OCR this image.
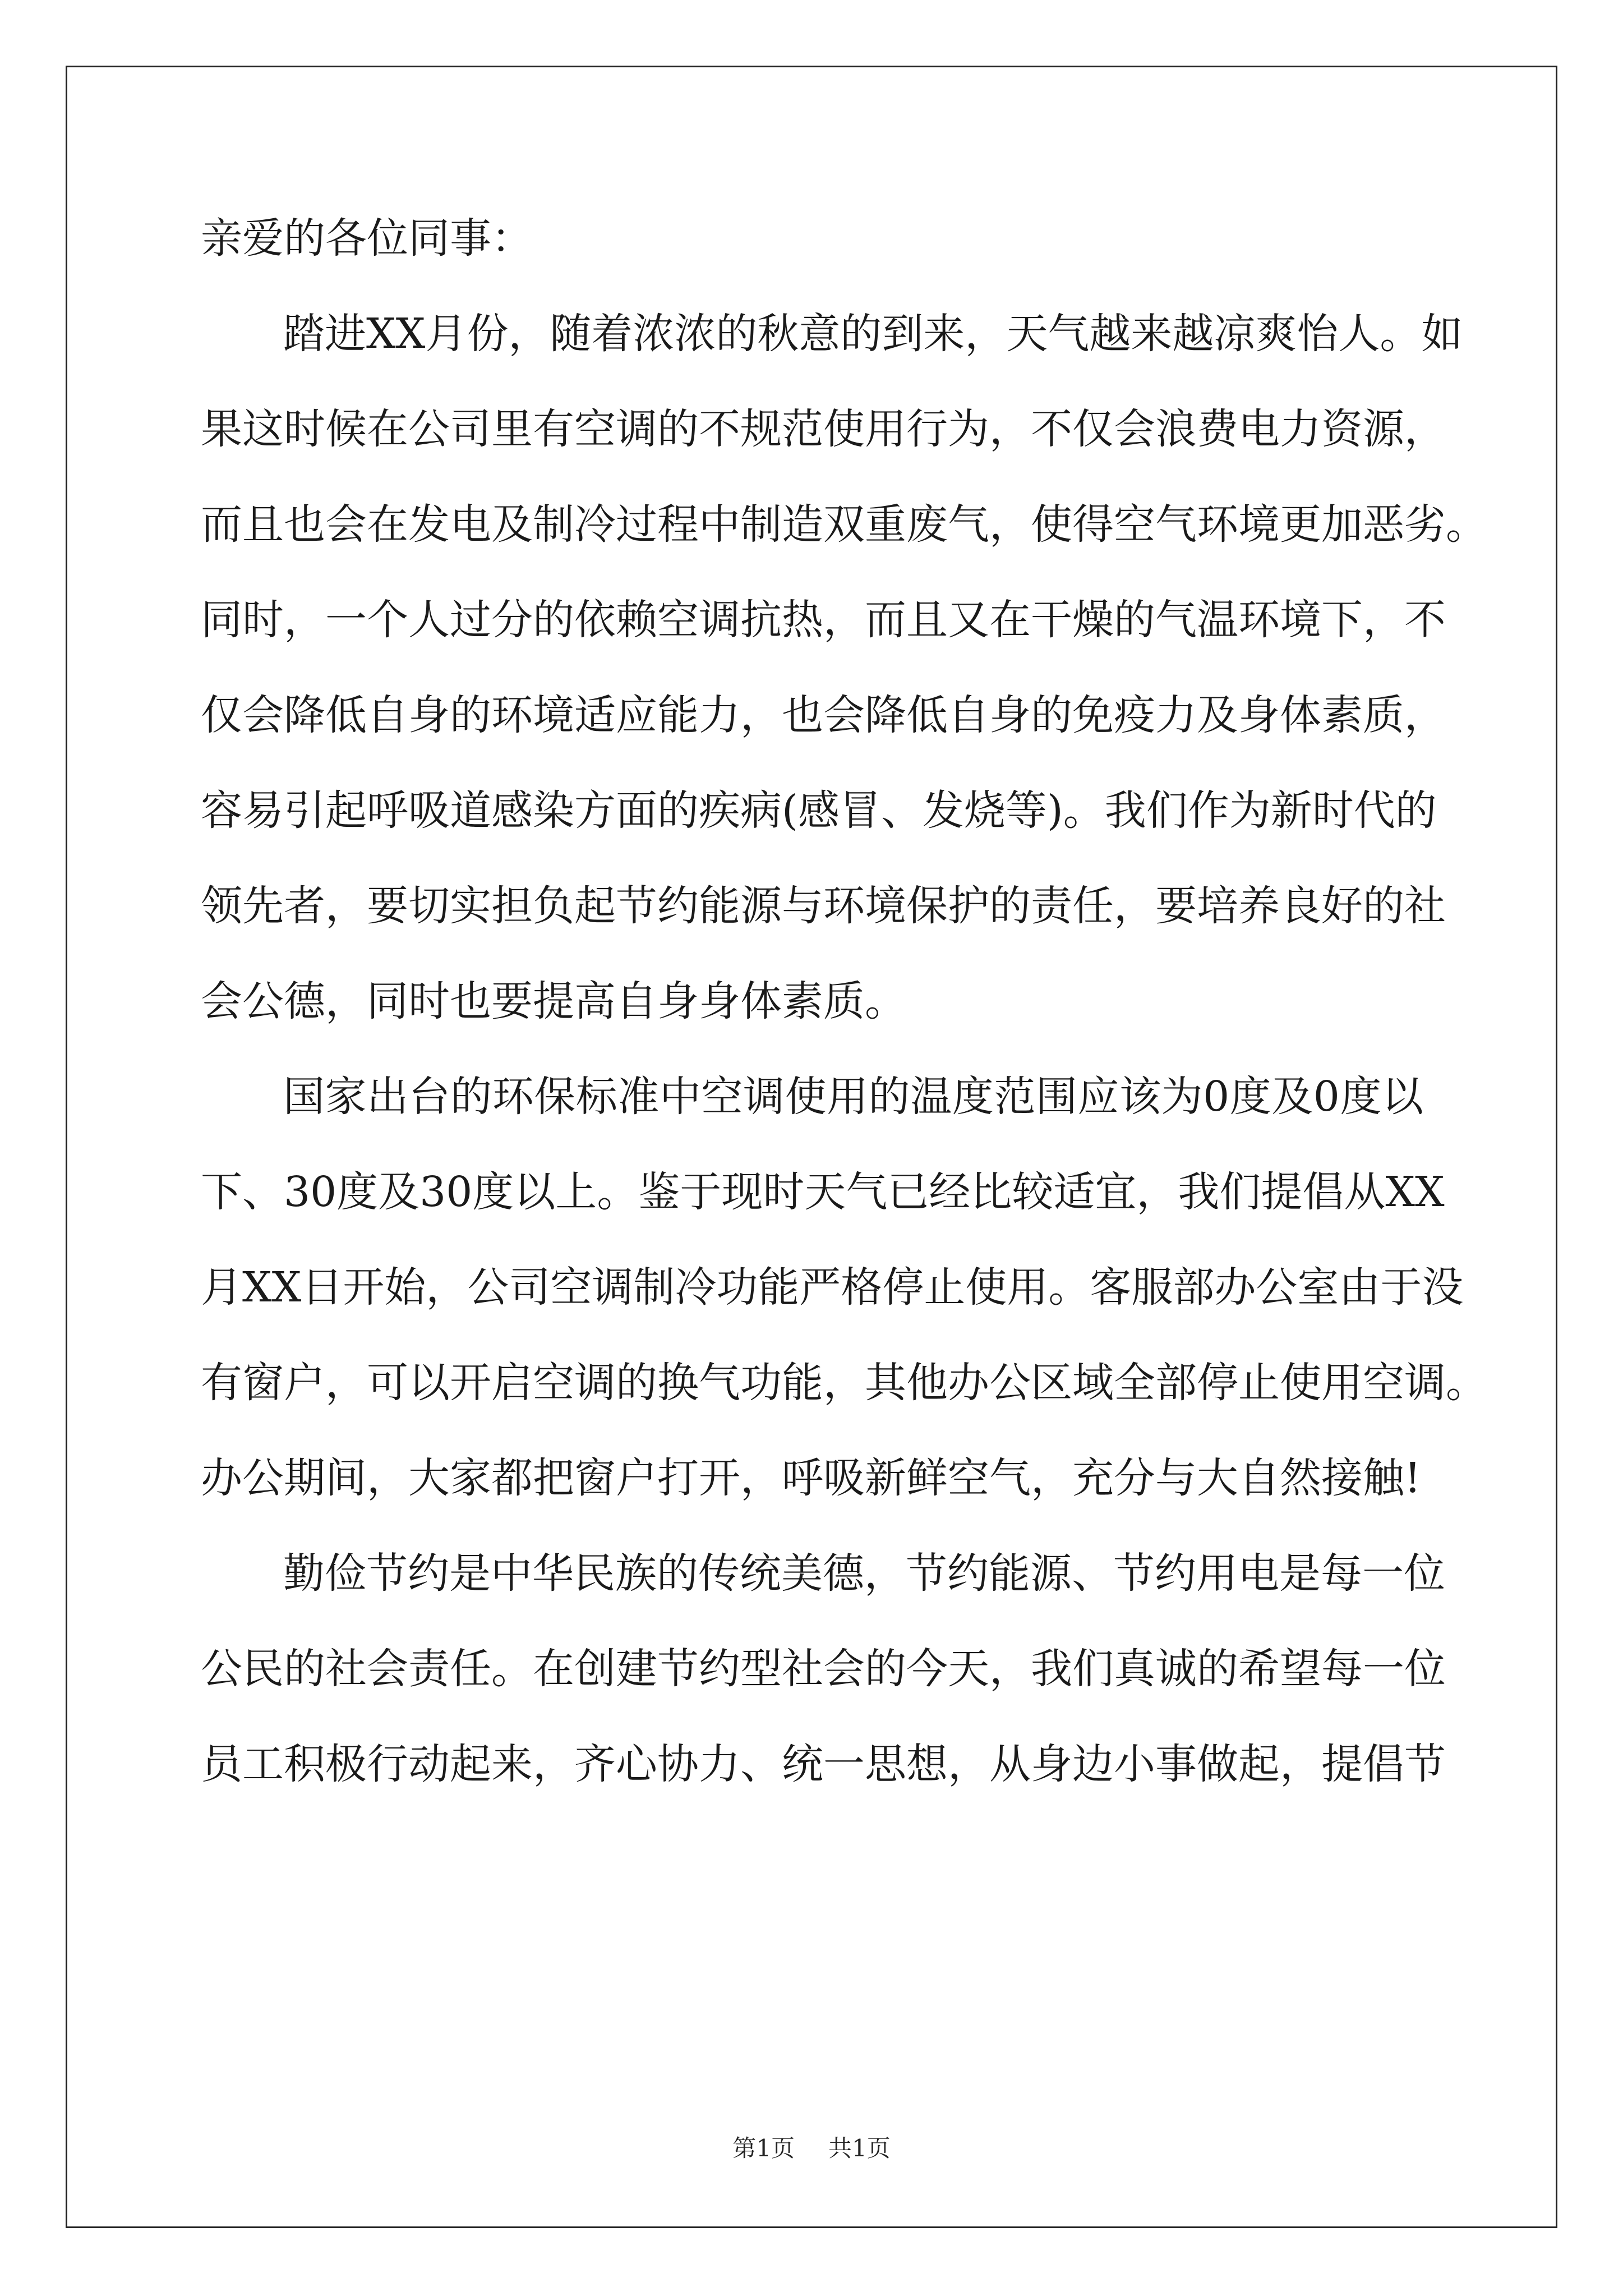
亲爱的各位同事：
踏进XX月份，随着浓浓的秋意的到来，天气越来越凉爽怡人。如
果这时候在公司里有空调的不规范使用行为，不仅会浪费电力资源，
而且也会在发电及制冷过程中制造双重废气，使得空气环境更加恶劣。
同时，一个人过分的依赖空调抗热，而且又在干燥的气温环境下，不
仅会降低自身的环境适应能力，也会降低自身的免疫力及身体素质，
容易引起呼吸道感染方面的疾病(感冒、发烧等)。我们作为新时代的
领先者，要切实担负起节约能源与环境保护的责任，要培养良好的社
会公德，同时也要提高自身身体素质。
国家出台的环保标准中空调使用的温度范围应该为0度及0度以
下、30度及30度以上。鉴于现时天气已经比较适宜，我们提倡从XX
月XX日开始，公司空调制冷功能严格停止使用。客服部办公室由于没
有窗户，可以开启空调的换气功能，其他办公区域全部停止使用空调。
办公期间，大家都把窗户打开，呼吸新鲜空气，充分与大自然接触!
勤俭节约是中华民族的传统美德，节约能源、节约用电是每一位
公民的社会责任。在创建节约型社会的今天，我们真诚的希望每一位
员工积极行动起来，齐心协力、统一思想，从身边小事做起，提倡节
第1页 共1页
